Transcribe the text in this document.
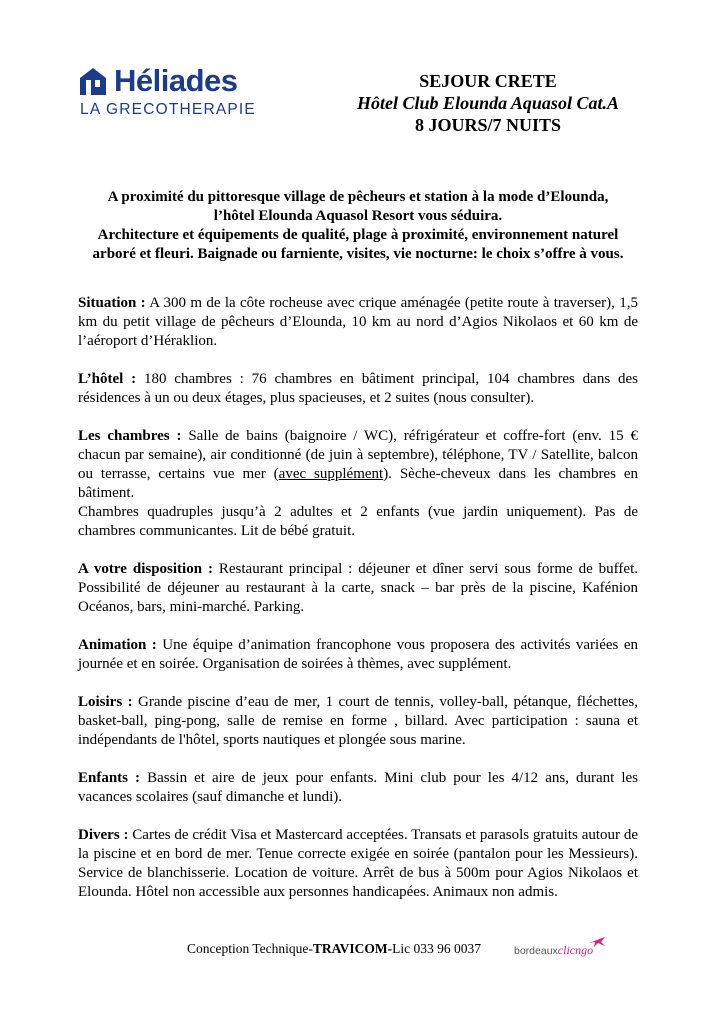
Héliades
LA GRECOTHERAPIE
SEJOUR CRETE
Hôtel Club Elounda Aquasol Cat.A
8 JOURS/7 NUITS
A proximité du pittoresque village de pêcheurs et station à la mode d’Elounda,
l’hôtel Elounda Aquasol Resort vous séduira.
Architecture et équipements de qualité, plage à proximité, environnement naturel arboré et fleuri. Baignade ou farniente, visites, vie nocturne: le choix s’offre à vous.

Situation : A 300 m de la côte rocheuse avec crique aménagée (petite route à traverser), 1,5 km du petit village de pêcheurs d’Elounda, 10 km au nord d’Agios Nikolaos et 60 km de l’aéroport d’Héraklion.

L’hôtel : 180 chambres : 76 chambres en bâtiment principal, 104 chambres dans des résidences à un ou deux étages, plus spacieuses, et 2 suites (nous consulter).

Les chambres : Salle de bains (baignoire / WC), réfrigérateur et coffre-fort (env. 15 € chacun par semaine), air conditionné (de juin à septembre), téléphone, TV / Satellite, balcon ou terrasse, certains vue mer (avec supplément). Sèche-cheveux dans les chambres en bâtiment.
Chambres quadruples jusqu’à 2 adultes et 2 enfants (vue jardin uniquement). Pas de chambres communicantes. Lit de bébé gratuit.

A votre disposition : Restaurant principal : déjeuner et dîner servi sous forme de buffet. Possibilité de déjeuner au restaurant à la carte, snack – bar près de la piscine, Kafénion Océanos, bars, mini-marché. Parking.

Animation : Une équipe d’animation francophone vous proposera des activités variées en journée et en soirée. Organisation de soirées à thèmes, avec supplément.

Loisirs : Grande piscine d’eau de mer, 1 court de tennis, volley-ball, pétanque, fléchettes, basket-ball, ping-pong, salle de remise en forme , billard. Avec participation : sauna et indépendants de l'hôtel, sports nautiques et plongée sous marine.

Enfants : Bassin et aire de jeux pour enfants. Mini club pour les 4/12 ans, durant les vacances scolaires (sauf dimanche et lundi).

Divers : Cartes de crédit Visa et Mastercard acceptées. Transats et parasols gratuits autour de la piscine et en bord de mer. Tenue correcte exigée en soirée (pantalon pour les Messieurs). Service de blanchisserie. Location de voiture. Arrêt de bus à 500m pour Agios Nikolaos et Elounda. Hôtel non accessible aux personnes handicapées. Animaux non admis.

Conception Technique-TRAVICOM-Lic 033 96 0037	bordeauxclicngo
